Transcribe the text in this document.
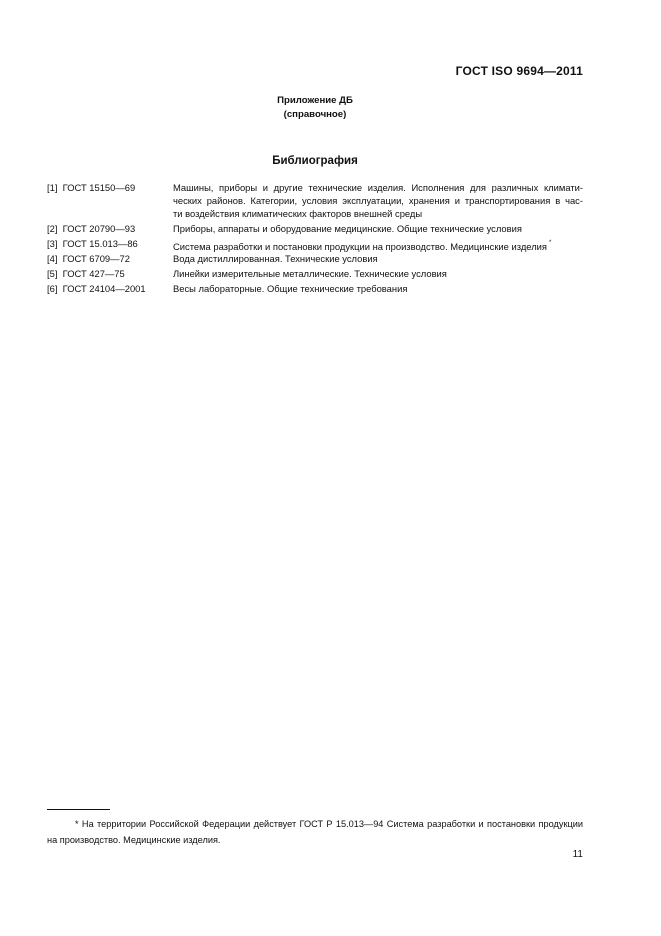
ГОСТ ISO 9694—2011
Приложение ДБ
(справочное)
Библиография
[1] ГОСТ 15150—69	Машины, приборы и другие технические изделия. Исполнения для различных климати-
ческих районов. Категории, условия эксплуатации, хранения и транспортирования в час-
ти воздействия климатических факторов внешней среды
[2] ГОСТ 20790—93	Приборы, аппараты и оборудование медицинские. Общие технические условия
[3] ГОСТ 15.013—86	Система разработки и постановки продукции на производство. Медицинские изделия *
[4] ГОСТ 6709—72	Вода дистиллированная. Технические условия
[5] ГОСТ 427—75	Линейки измерительные металлические. Технические условия
[6] ГОСТ 24104—2001	Весы лабораторные. Общие технические требования
* На территории Российской Федерации действует ГОСТ Р 15.013—94 Система разработки и постановки продукции на производство. Медицинские изделия.
11
